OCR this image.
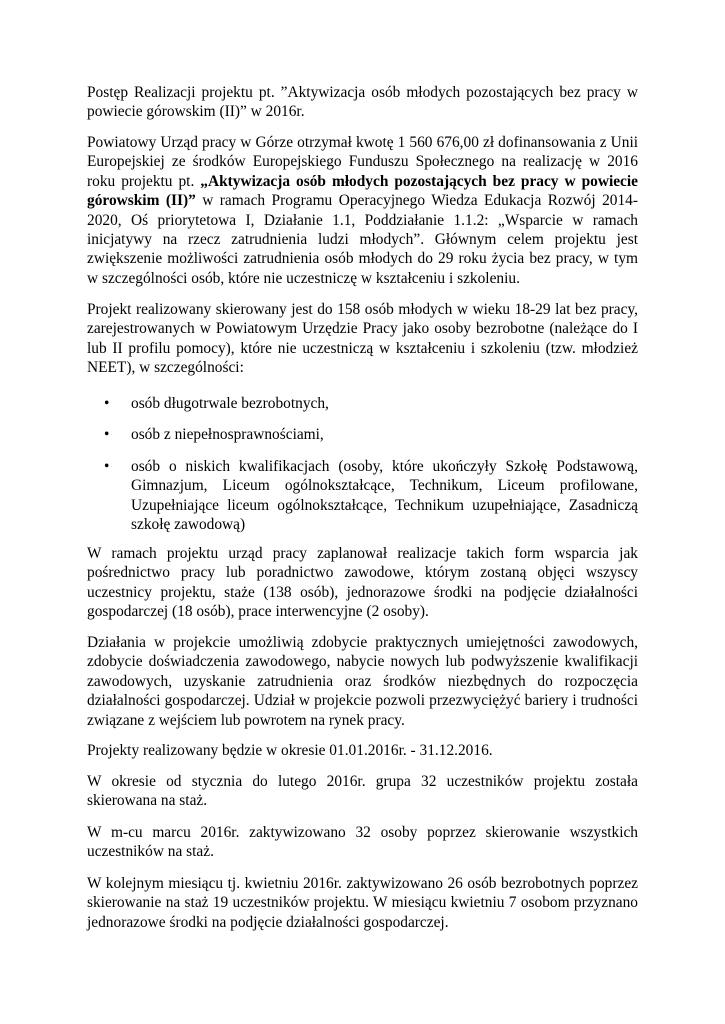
Postęp Realizacji projektu pt. ”Aktywizacja osób młodych pozostających bez pracy w powiecie górowskim (II)” w 2016r.

Powiatowy Urząd pracy w Górze otrzymał kwotę 1 560 676,00 zł dofinansowania z Unii Europejskiej ze środków Europejskiego Funduszu Społecznego na realizację w 2016 roku projektu pt. „Aktywizacja osób młodych pozostających bez pracy w powiecie górowskim (II)” w ramach Programu Operacyjnego Wiedza Edukacja Rozwój 2014-2020, Oś priorytetowa I, Działanie 1.1, Poddziałanie 1.1.2: „Wsparcie w ramach inicjatywy na rzecz zatrudnienia ludzi młodych”. Głównym celem projektu jest zwiększenie możliwości zatrudnienia osób młodych do 29 roku życia bez pracy, w tym w szczególności osób, które nie uczestniczę w kształceniu i szkoleniu.

Projekt realizowany skierowany jest do 158 osób młodych w wieku 18-29 lat bez pracy, zarejestrowanych w Powiatowym Urzędzie Pracy jako osoby bezrobotne (należące do I lub II profilu pomocy), które nie uczestniczą w kształceniu i szkoleniu (tzw. młodzież NEET), w szczególności:

• osób długotrwale bezrobotnych,
• osób z niepełnosprawnościami,
• osób o niskich kwalifikacjach (osoby, które ukończyły Szkołę Podstawową, Gimnazjum, Liceum ogólnokształcące, Technikum, Liceum profilowane, Uzupełniające liceum ogólnokształcące, Technikum uzupełniające, Zasadniczą szkołę zawodową)

W ramach projektu urząd pracy zaplanował realizacje takich form wsparcia jak pośrednictwo pracy lub poradnictwo zawodowe, którym zostaną objęci wszyscy uczestnicy projektu, staże (138 osób), jednorazowe środki na podjęcie działalności gospodarczej (18 osób), prace interwencyjne (2 osoby).

Działania w projekcie umożliwią zdobycie praktycznych umiejętności zawodowych, zdobycie doświadczenia zawodowego, nabycie nowych lub podwyższenie kwalifikacji zawodowych, uzyskanie zatrudnienia oraz środków niezbędnych do rozpoczęcia działalności gospodarczej. Udział w projekcie pozwoli przezwyciężyć bariery i trudności związane z wejściem lub powrotem na rynek pracy.

Projekty realizowany będzie w okresie 01.01.2016r. - 31.12.2016.

W okresie od stycznia do lutego 2016r. grupa 32 uczestników projektu została skierowana na staż.

W m-cu marcu 2016r. zaktywizowano 32 osoby poprzez skierowanie wszystkich uczestników na staż.

W kolejnym miesiącu tj. kwietniu 2016r. zaktywizowano 26 osób bezrobotnych poprzez skierowanie na staż 19 uczestników projektu. W miesiącu kwietniu 7 osobom przyznano jednorazowe środki na podjęcie działalności gospodarczej.
